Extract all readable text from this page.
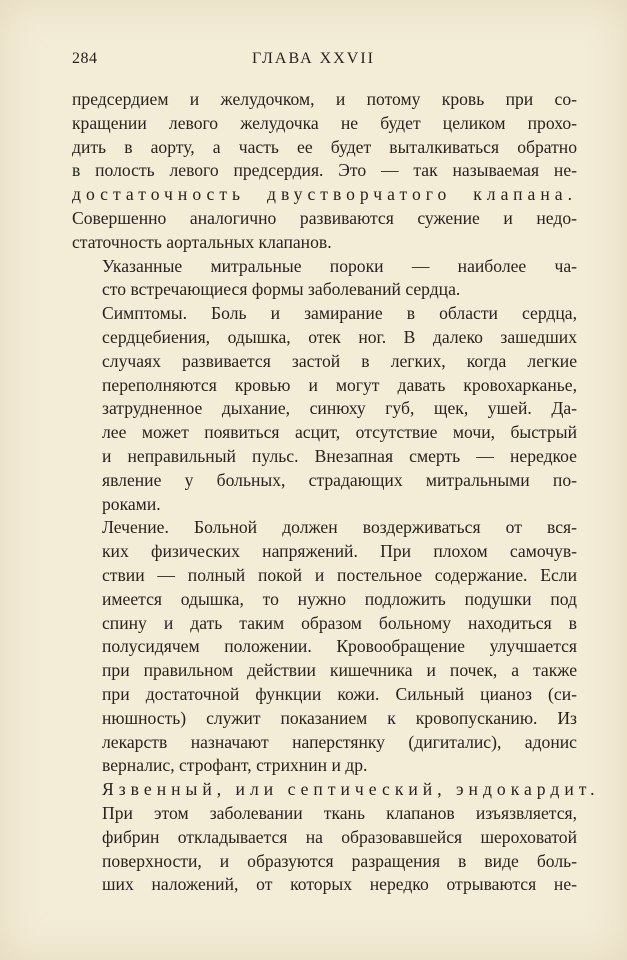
284	ГЛАВА XXVII

предсердием и желудочком, и потому кровь при со-
кращении левого желудочка не будет целиком прохо-
дить в аорту, а часть ее будет выталкиваться обратно
в полость левого предсердия. Это — так называемая не-
достаточность двустворчатого клапана.
Совершенно аналогично развиваются сужение и недо-
статочность аортальных клапанов.

Указанные митральные пороки — наиболее ча-
сто встречающиеся формы заболеваний сердца.

Симптомы. Боль и замирание в области сердца,
сердцебиения, одышка, отек ног. В далеко зашедших
случаях развивается застой в легких, когда легкие
переполняются кровью и могут давать кровохарканье,
затрудненное дыхание, синюху губ, щек, ушей. Да-
лее может появиться асцит, отсутствие мочи, быстрый
и неправильный пульс. Внезапная смерть — нередкое
явление у больных, страдающих митральными по-
роками.

Лечение. Больной должен воздерживаться от вся-
ких физических напряжений. При плохом самочув-
ствии — полный покой и постельное содержание. Если
имеется одышка, то нужно подложить подушки под
спину и дать таким образом больному находиться в
полусидячем положении. Кровообращение улучшается
при правильном действии кишечника и почек, а также
при достаточной функции кожи. Сильный цианоз (си-
нюшность) служит показанием к кровопусканию. Из
лекарств назначают наперстянку (дигиталис), адонис
верналис, строфант, стрихнин и др.

Язвенный, или септический, эндокардит.
При этом заболевании ткань клапанов изъязвляется,
фибрин откладывается на образовавшейся шероховатой
поверхности, и образуются разращения в виде боль-
ших наложений, от которых нередко отрываются не-
